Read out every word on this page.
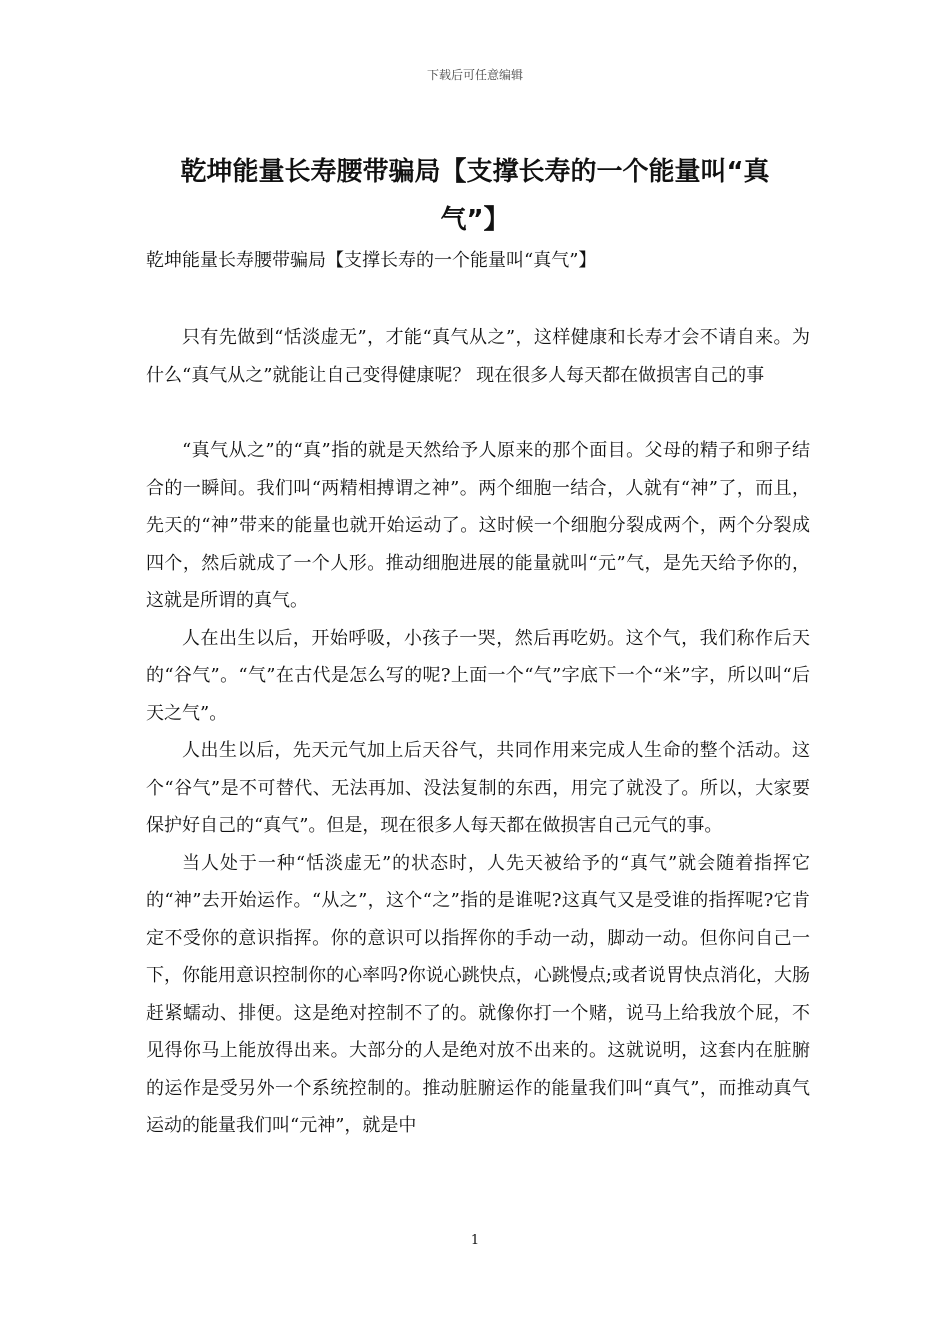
下载后可任意编辑
乾坤能量长寿腰带骗局【支撑长寿的一个能量叫“真气”】
乾坤能量长寿腰带骗局【支撑长寿的一个能量叫“真气”】

只有先做到“恬淡虚无”，才能“真气从之”，这样健康和长寿才会不请自来。为什么“真气从之”就能让自己变得健康呢？ 现在很多人每天都在做损害自己的事

“真气从之”的“真”指的就是天然给予人原来的那个面目。父母的精子和卵子结合的一瞬间。我们叫“两精相搏谓之神”。两个细胞一结合，人就有“神”了，而且，先天的“神”带来的能量也就开始运动了。这时候一个细胞分裂成两个，两个分裂成四个，然后就成了一个人形。推动细胞进展的能量就叫“元”气，是先天给予你的，这就是所谓的真气。

人在出生以后，开始呼吸，小孩子一哭，然后再吃奶。这个气，我们称作后天的“谷气”。“气”在古代是怎么写的呢?上面一个“气”字底下一个“米”字，所以叫“后天之气”。

人出生以后，先天元气加上后天谷气，共同作用来完成人生命的整个活动。这个“谷气”是不可替代、无法再加、没法复制的东西，用完了就没了。所以，大家要保护好自己的“真气”。但是，现在很多人每天都在做损害自己元气的事。

当人处于一种“恬淡虚无”的状态时，人先天被给予的“真气”就会随着指挥它的“神”去开始运作。“从之”，这个“之”指的是谁呢?这真气又是受谁的指挥呢?它肯定不受你的意识指挥。你的意识可以指挥你的手动一动，脚动一动。但你问自己一下，你能用意识控制你的心率吗?你说心跳快点，心跳慢点;或者说胃快点消化，大肠赶紧蠕动、排便。这是绝对控制不了的。就像你打一个赌，说马上给我放个屁，不见得你马上能放得出来。大部分的人是绝对放不出来的。这就说明，这套内在脏腑的运作是受另外一个系统控制的。推动脏腑运作的能量我们叫“真气”，而推动真气运动的能量我们叫“元神”，就是中

1
